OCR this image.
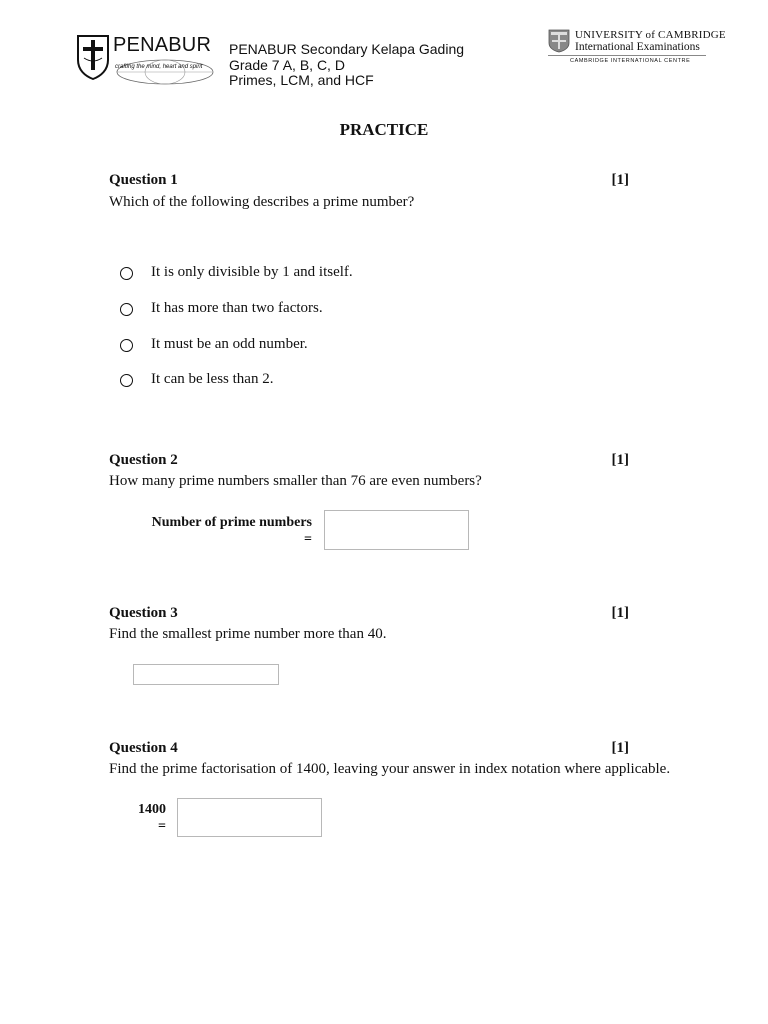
PENABUR
crafting the mind, heart and spirit
PENABUR Secondary Kelapa Gading
Grade 7 A, B, C, D
Primes, LCM, and HCF
UNIVERSITY of CAMBRIDGE
International Examinations
CAMBRIDGE INTERNATIONAL CENTRE
PRACTICE
Question 1	[1]
Which of the following describes a prime number?
It is only divisible by 1 and itself.
It has more than two factors.
It must be an odd number.
It can be less than 2.
Question 2	[1]
How many prime numbers smaller than 76 are even numbers?
Number of prime numbers
=
Question 3	[1]
Find the smallest prime number more than 40.
Question 4	[1]
Find the prime factorisation of 1400, leaving your answer in index notation where applicable.
1400
=
